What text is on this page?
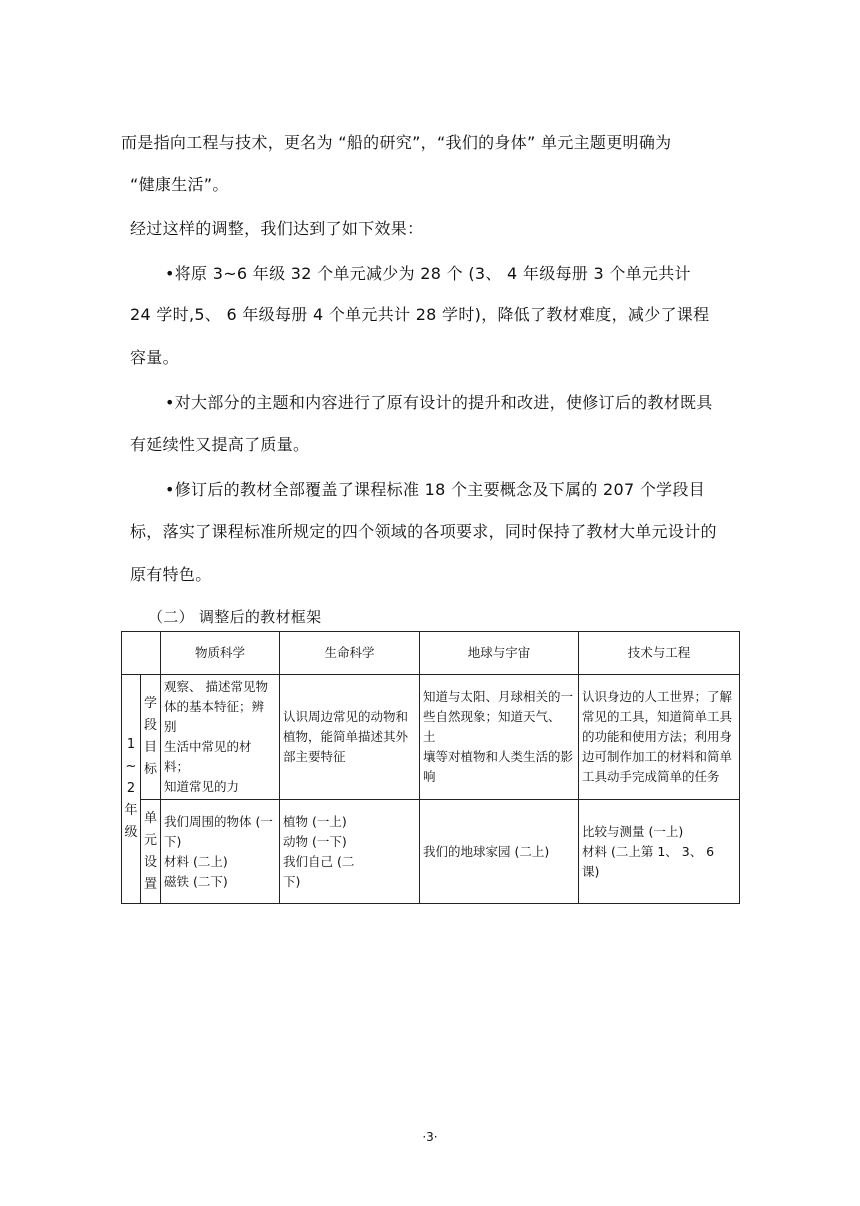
而是指向工程与技术，更名为 “船的研究”，“我们的身体” 单元主题更明确为
“健康生活”。
经过这样的调整，我们达到了如下效果：
•将原 3~6 年级 32 个单元减少为 28 个 (3、 4 年级每册 3 个单元共计
24 学时,5、 6 年级每册 4 个单元共计 28 学时)，降低了教材难度，减少了课程
容量。
•对大部分的主题和内容进行了原有设计的提升和改进，使修订后的教材既具
有延续性又提高了质量。
•修订后的教材全部覆盖了课程标准 18 个主要概念及下属的 207 个学段目
标，落实了课程标准所规定的四个领域的各项要求，同时保持了教材大单元设计的
原有特色。
（二） 调整后的教材框架
		物质科学	生命科学	地球与宇宙	技术与工程
1
~
2
年
级	学
段
目
标	观察、 描述常见物
体的基本特征；辨别
生活中常见的材料；
知道常见的力	认识周边常见的动物和
植物，能简单描述其外
部主要特征	知道与太阳、月球相关的一
些自然现象；知道天气、 土
壤等对植物和人类生活的影
响	认识身边的人工世界；了解
常见的工具，知道简单工具
的功能和使用方法；利用身
边可制作加工的材料和简单
工具动手完成简单的任务
	单
元
设
置	我们周围的物体 (一
下)
材料 (二上)
磁铁 (二下)	植物 (一上)
动物 (一下)
我们自己 (二
下)	我们的地球家园 (二上)	比较与测量 (一上)
材料 (二上第 1、 3、 6
课)
·3·
